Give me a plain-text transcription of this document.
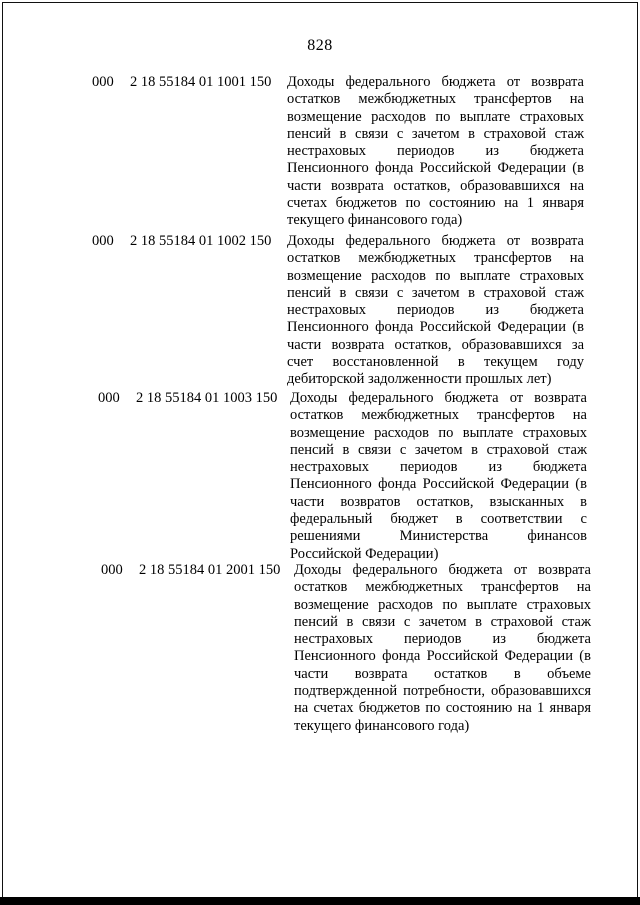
828
000 2 18 55184 01 1001 150 Доходы федерального бюджета от возврата остатков межбюджетных трансфертов на возмещение расходов по выплате страховых пенсий в связи с зачетом в страховой стаж нестраховых периодов из бюджета Пенсионного фонда Российской Федерации (в части возврата остатков, образовавшихся на счетах бюджетов по состоянию на 1 января текущего финансового года)
000 2 18 55184 01 1002 150 Доходы федерального бюджета от возврата остатков межбюджетных трансфертов на возмещение расходов по выплате страховых пенсий в связи с зачетом в страховой стаж нестраховых периодов из бюджета Пенсионного фонда Российской Федерации (в части возврата остатков, образовавшихся за счет восстановленной в текущем году дебиторской задолженности прошлых лет)
000 2 18 55184 01 1003 150 Доходы федерального бюджета от возврата остатков межбюджетных трансфертов на возмещение расходов по выплате страховых пенсий в связи с зачетом в страховой стаж нестраховых периодов из бюджета Пенсионного фонда Российской Федерации (в части возвратов остатков, взысканных в федеральный бюджет в соответствии с решениями Министерства финансов Российской Федерации)
000 2 18 55184 01 2001 150 Доходы федерального бюджета от возврата остатков межбюджетных трансфертов на возмещение расходов по выплате страховых пенсий в связи с зачетом в страховой стаж нестраховых периодов из бюджета Пенсионного фонда Российской Федерации (в части возврата остатков в объеме подтвержденной потребности, образовавшихся на счетах бюджетов по состоянию на 1 января текущего финансового года)
